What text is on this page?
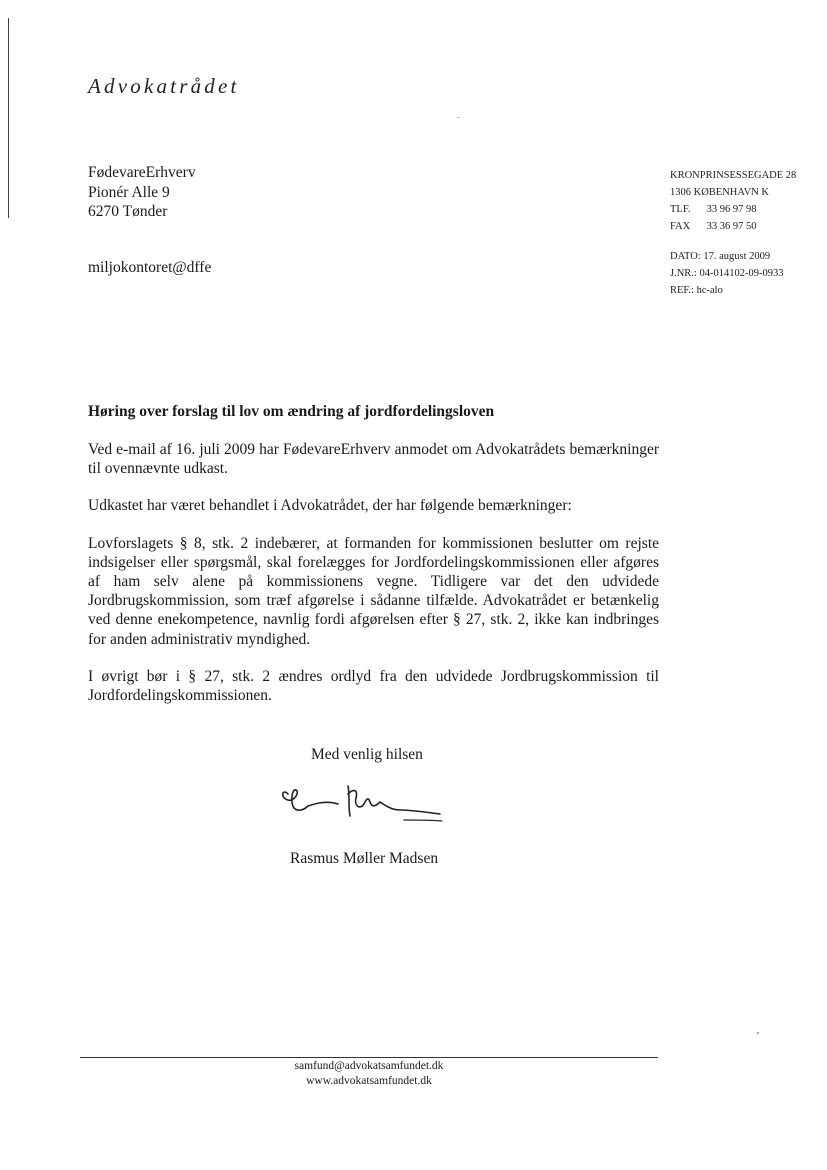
Advokatrådet
FødevareErhverv
Pionér Alle 9
6270 Tønder
miljokontoret@dffe
KRONPRINSESSEGADE 28
1306 KØBENHAVN K
TLF. 33 96 97 98
FAX 33 36 97 50
DATO: 17. august 2009
J.NR.: 04-014102-09-0933
REF.: hc-alo
Høring over forslag til lov om ændring af jordfordelingsloven

Ved e-mail af 16. juli 2009 har FødevareErhverv anmodet om Advokatrådets bemærkninger til ovennævnte udkast.

Udkastet har været behandlet i Advokatrådet, der har følgende bemærkninger:

Lovforslagets § 8, stk. 2 indebærer, at formanden for kommissionen beslutter om rejste indsigelser eller spørgsmål, skal forelægges for Jordfordelingskommissionen eller afgøres af ham selv alene på kommissionens vegne. Tidligere var det den udvidede Jordbrugskommission, som træf afgørelse i sådanne tilfælde. Advokatrådet er betænkelig ved denne enekompetence, navnlig fordi afgørelsen efter § 27, stk. 2, ikke kan indbringes for anden administrativ myndighed.

I øvrigt bør i § 27, stk. 2 ændres ordlyd fra den udvidede Jordbrugskommission til Jordfordelingskommissionen.

Med venlig hilsen
Rasmus Møller Madsen
samfund@advokatsamfundet.dk
www.advokatsamfundet.dk
